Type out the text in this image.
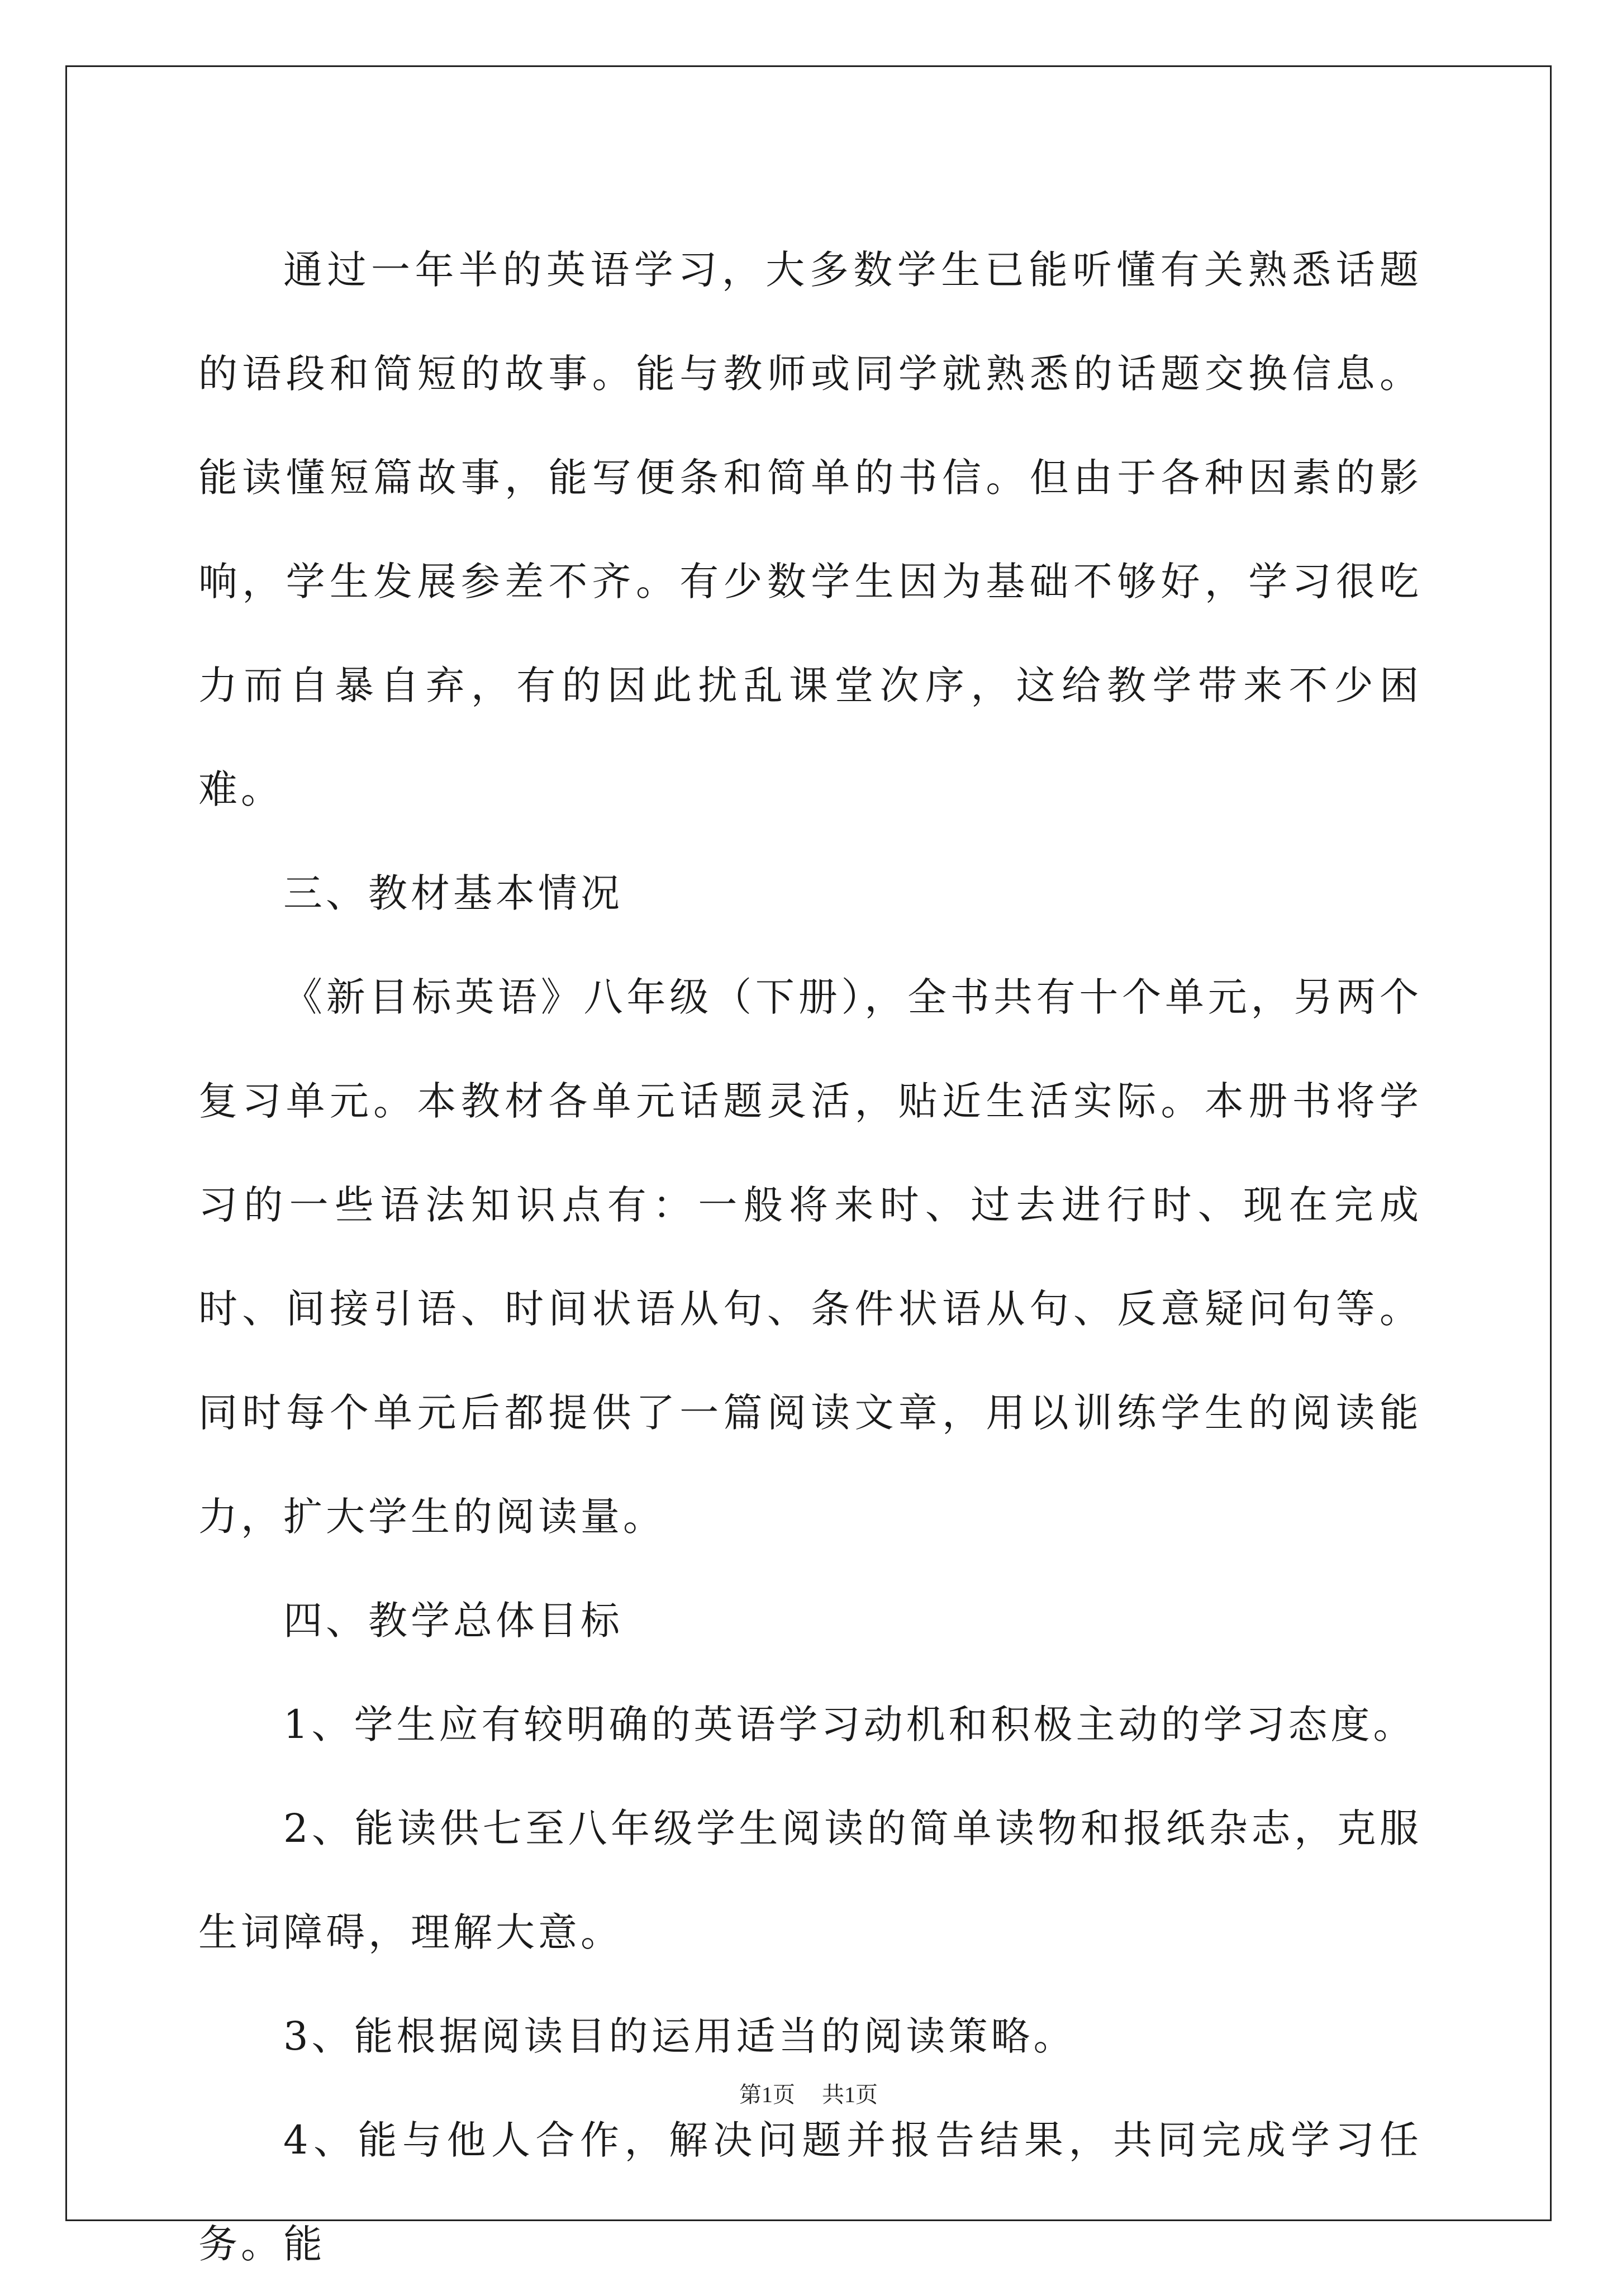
通过一年半的英语学习，大多数学生已能听懂有关熟悉话题的语段和简短的故事。能与教师或同学就熟悉的话题交换信息。能读懂短篇故事，能写便条和简单的书信。但由于各种因素的影响，学生发展参差不齐。有少数学生因为基础不够好，学习很吃力而自暴自弃，有的因此扰乱课堂次序，这给教学带来不少困难。

三、教材基本情况

《新目标英语》八年级（下册），全书共有十个单元，另两个复习单元。本教材各单元话题灵活，贴近生活实际。本册书将学习的一些语法知识点有：一般将来时、过去进行时、现在完成时、间接引语、时间状语从句、条件状语从句、反意疑问句等。同时每个单元后都提供了一篇阅读文章，用以训练学生的阅读能力，扩大学生的阅读量。

四、教学总体目标

1、学生应有较明确的英语学习动机和积极主动的学习态度。

2、能读供七至八年级学生阅读的简单读物和报纸杂志，克服生词障碍，理解大意。

3、能根据阅读目的运用适当的阅读策略。

4、能与他人合作，解决问题并报告结果，共同完成学习任务。能

第1页 共1页
